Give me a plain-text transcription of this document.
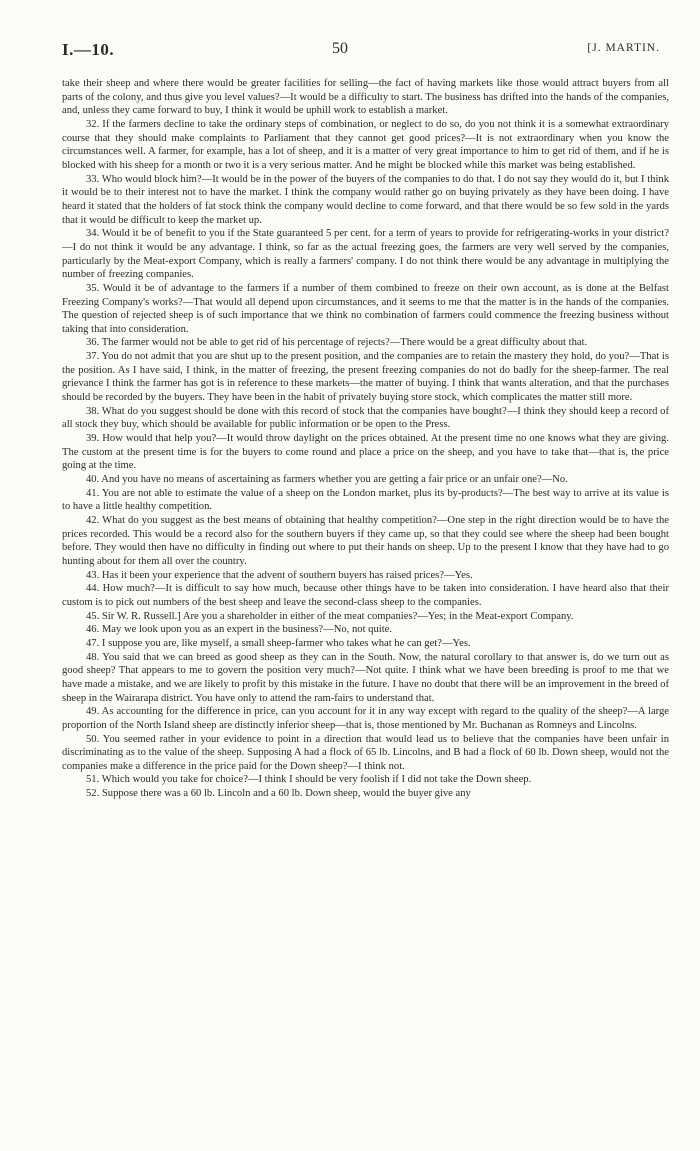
I.—10.	50	[J. MARTIN.

take their sheep and where there would be greater facilities for selling—the fact of having markets like those would attract buyers from all parts of the colony, and thus give you level values?—It would be a difficulty to start. The business has drifted into the hands of the companies, and, unless they came forward to buy, I think it would be uphill work to establish a market.

32. If the farmers decline to take the ordinary steps of combination, or neglect to do so, do you not think it is a somewhat extraordinary course that they should make complaints to Parliament that they cannot get good prices?—It is not extraordinary when you know the circumstances well. A farmer, for example, has a lot of sheep, and it is a matter of very great importance to him to get rid of them, and if he is blocked with his sheep for a month or two it is a very serious matter. And he might be blocked while this market was being established.

33. Who would block him?—It would be in the power of the buyers of the companies to do that. I do not say they would do it, but I think it would be to their interest not to have the market. I think the company would rather go on buying privately as they have been doing. I have heard it stated that the holders of fat stock think the company would decline to come forward, and that there would be so few sold in the yards that it would be difficult to keep the market up.

34. Would it be of benefit to you if the State guaranteed 5 per cent. for a term of years to provide for refrigerating-works in your district?—I do not think it would be any advantage. I think, so far as the actual freezing goes, the farmers are very well served by the companies, particularly by the Meat-export Company, which is really a farmers' company. I do not think there would be any advantage in multiplying the number of freezing companies.

35. Would it be of advantage to the farmers if a number of them combined to freeze on their own account, as is done at the Belfast Freezing Company's works?—That would all depend upon circumstances, and it seems to me that the matter is in the hands of the companies. The question of rejected sheep is of such importance that we think no combination of farmers could commence the freezing business without taking that into consideration.

36. The farmer would not be able to get rid of his percentage of rejects?—There would be a great difficulty about that.

37. You do not admit that you are shut up to the present position, and the companies are to retain the mastery they hold, do you?—That is the position. As I have said, I think, in the matter of freezing, the present freezing companies do not do badly for the sheep-farmer. The real grievance I think the farmer has got is in reference to these markets—the matter of buying. I think that wants alteration, and that the purchases should be recorded by the buyers. They have been in the habit of privately buying store stock, which complicates the matter still more.

38. What do you suggest should be done with this record of stock that the companies have bought?—I think they should keep a record of all stock they buy, which should be available for public information or be open to the Press.

39. How would that help you?—It would throw daylight on the prices obtained. At the present time no one knows what they are giving. The custom at the present time is for the buyers to come round and place a price on the sheep, and you have to take that—that is, the price going at the time.

40. And you have no means of ascertaining as farmers whether you are getting a fair price or an unfair one?—No.

41. You are not able to estimate the value of a sheep on the London market, plus its by-products?—The best way to arrive at its value is to have a little healthy competition.

42. What do you suggest as the best means of obtaining that healthy competition?—One step in the right direction would be to have the prices recorded. This would be a record also for the southern buyers if they came up, so that they could see where the sheep had been bought before. They would then have no difficulty in finding out where to put their hands on sheep. Up to the present I know that they have had to go hunting about for them all over the country.

43. Has it been your experience that the advent of southern buyers has raised prices?—Yes.

44. How much?—It is difficult to say how much, because other things have to be taken into consideration. I have heard also that their custom is to pick out numbers of the best sheep and leave the second-class sheep to the companies.

45. Sir W. R. Russell.] Are you a shareholder in either of the meat companies?—Yes; in the Meat-export Company.

46. May we look upon you as an expert in the business?—No, not quite.

47. I suppose you are, like myself, a small sheep-farmer who takes what he can get?—Yes.

48. You said that we can breed as good sheep as they can in the South. Now, the natural corollary to that answer is, do we turn out as good sheep? That appears to me to govern the position very much?—Not quite. I think what we have been breeding is proof to me that we have made a mistake, and we are likely to profit by this mistake in the future. I have no doubt that there will be an improvement in the breed of sheep in the Wairarapa district. You have only to attend the ram-fairs to understand that.

49. As accounting for the difference in price, can you account for it in any way except with regard to the quality of the sheep?—A large proportion of the North Island sheep are distinctly inferior sheep—that is, those mentioned by Mr. Buchanan as Romneys and Lincolns.

50. You seemed rather in your evidence to point in a direction that would lead us to believe that the companies have been unfair in discriminating as to the value of the sheep. Supposing A had a flock of 65 lb. Lincolns, and B had a flock of 60 lb. Down sheep, would not the companies make a difference in the price paid for the Down sheep?—I think not.

51. Which would you take for choice?—I think I should be very foolish if I did not take the Down sheep.

52. Suppose there was a 60 lb. Lincoln and a 60 lb. Down sheep, would the buyer give any
